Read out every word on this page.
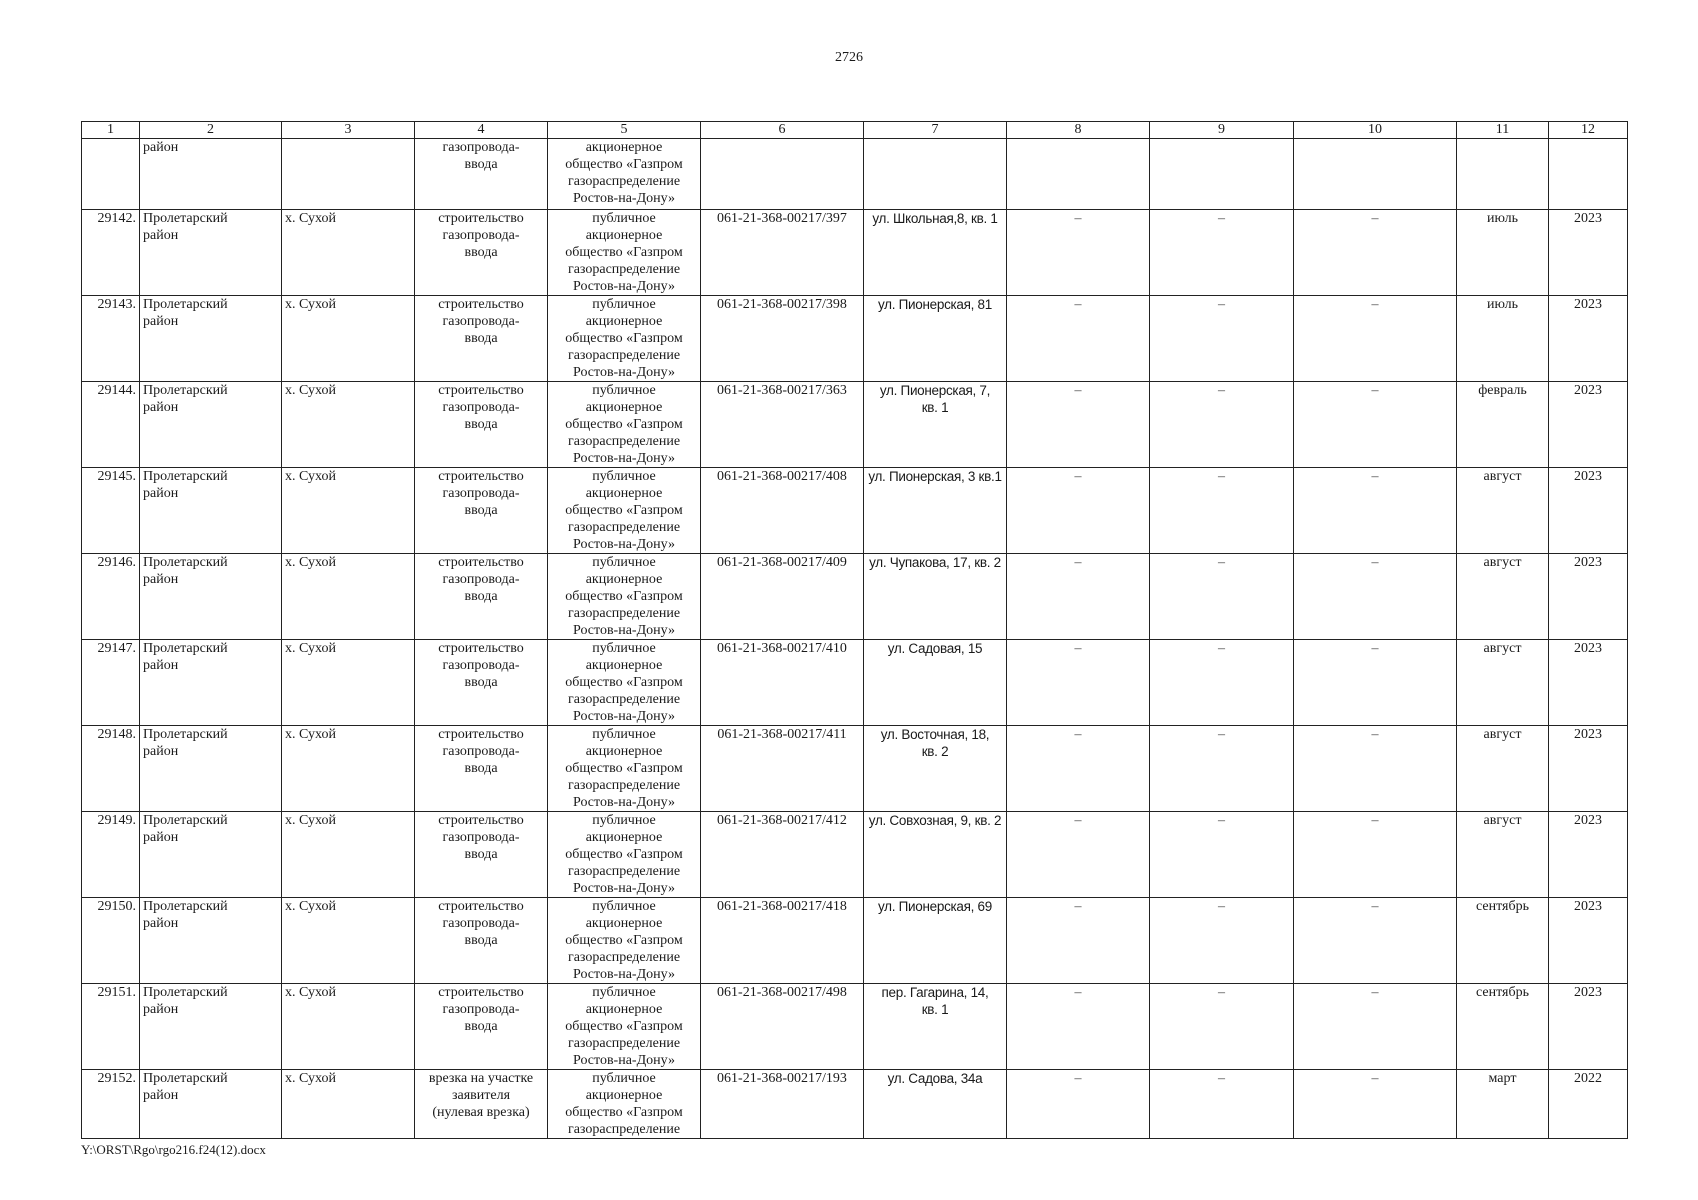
2726
1	2	3	4	5	6	7	8	9	10	11	12
	район		газопровода-
ввода	акционерное
общество «Газпром
газораспределение
Ростов-на-Дону»							
29142.	Пролетарский
район	х. Сухой	строительство
газопровода-
ввода	публичное
акционерное
общество «Газпром
газораспределение
Ростов-на-Дону»	061-21-368-00217/397	ул. Школьная,8, кв. 1	–	–	–	июль	2023
29143.	Пролетарский
район	х. Сухой	строительство
газопровода-
ввода	публичное
акционерное
общество «Газпром
газораспределение
Ростов-на-Дону»	061-21-368-00217/398	ул. Пионерская, 81	–	–	–	июль	2023
29144.	Пролетарский
район	х. Сухой	строительство
газопровода-
ввода	публичное
акционерное
общество «Газпром
газораспределение
Ростов-на-Дону»	061-21-368-00217/363	ул. Пионерская, 7,
кв. 1	–	–	–	февраль	2023
29145.	Пролетарский
район	х. Сухой	строительство
газопровода-
ввода	публичное
акционерное
общество «Газпром
газораспределение
Ростов-на-Дону»	061-21-368-00217/408	ул. Пионерская, 3 кв.1	–	–	–	август	2023
29146.	Пролетарский
район	х. Сухой	строительство
газопровода-
ввода	публичное
акционерное
общество «Газпром
газораспределение
Ростов-на-Дону»	061-21-368-00217/409	ул. Чупакова, 17, кв. 2	–	–	–	август	2023
29147.	Пролетарский
район	х. Сухой	строительство
газопровода-
ввода	публичное
акционерное
общество «Газпром
газораспределение
Ростов-на-Дону»	061-21-368-00217/410	ул. Садовая, 15	–	–	–	август	2023
29148.	Пролетарский
район	х. Сухой	строительство
газопровода-
ввода	публичное
акционерное
общество «Газпром
газораспределение
Ростов-на-Дону»	061-21-368-00217/411	ул. Восточная, 18,
кв. 2	–	–	–	август	2023
29149.	Пролетарский
район	х. Сухой	строительство
газопровода-
ввода	публичное
акционерное
общество «Газпром
газораспределение
Ростов-на-Дону»	061-21-368-00217/412	ул. Совхозная, 9, кв. 2	–	–	–	август	2023
29150.	Пролетарский
район	х. Сухой	строительство
газопровода-
ввода	публичное
акционерное
общество «Газпром
газораспределение
Ростов-на-Дону»	061-21-368-00217/418	ул. Пионерская, 69	–	–	–	сентябрь	2023
29151.	Пролетарский
район	х. Сухой	строительство
газопровода-
ввода	публичное
акционерное
общество «Газпром
газораспределение
Ростов-на-Дону»	061-21-368-00217/498	пер. Гагарина, 14,
кв. 1	–	–	–	сентябрь	2023
29152.	Пролетарский
район	х. Сухой	врезка на участке
заявителя
(нулевая врезка)	публичное
акционерное
общество «Газпром
газораспределение	061-21-368-00217/193	ул. Садова, 34а	–	–	–	март	2022
Y:\ORST\Rgo\rgo216.f24(12).docx
